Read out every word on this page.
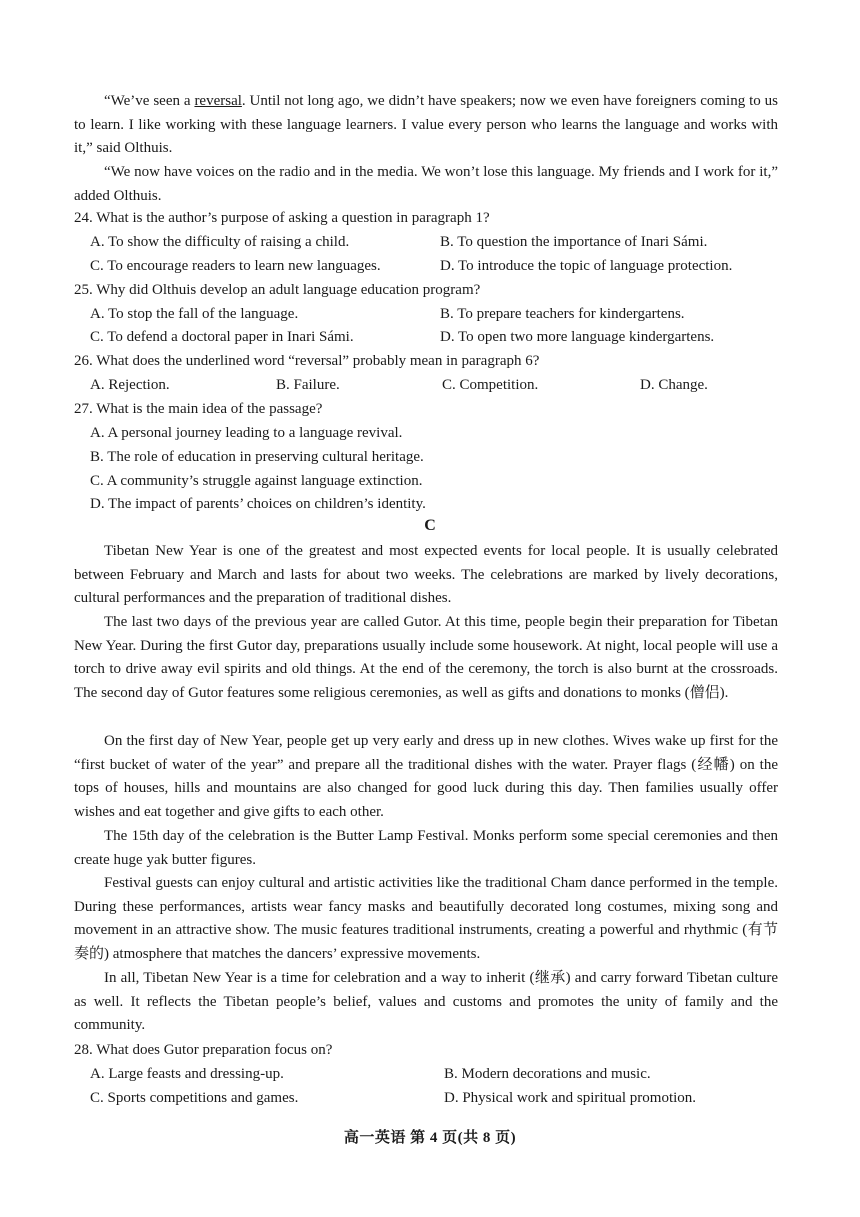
“We’ve seen a reversal. Until not long ago, we didn’t have speakers; now we even have foreigners coming to us to learn. I like working with these language learners. I value every person who learns the language and works with it,” said Olthuis.

“We now have voices on the radio and in the media. We won’t lose this language. My friends and I work for it,” added Olthuis.

24. What is the author’s purpose of asking a question in paragraph 1?

A. To show the difficulty of raising a child.	B. To question the importance of Inari Sámi.

C. To encourage readers to learn new languages.	D. To introduce the topic of language protection.

25. Why did Olthuis develop an adult language education program?

A. To stop the fall of the language.	B. To prepare teachers for kindergartens.

C. To defend a doctoral paper in Inari Sámi.	D. To open two more language kindergartens.

26. What does the underlined word “reversal” probably mean in paragraph 6?

A. Rejection.	B. Failure.	C. Competition.	D. Change.

27. What is the main idea of the passage?

A. A personal journey leading to a language revival.

B. The role of education in preserving cultural heritage.

C. A community’s struggle against language extinction.

D. The impact of parents’ choices on children’s identity.

C

Tibetan New Year is one of the greatest and most expected events for local people. It is usually celebrated between February and March and lasts for about two weeks. The celebrations are marked by lively decorations, cultural performances and the preparation of traditional dishes.

The last two days of the previous year are called Gutor. At this time, people begin their preparation for Tibetan New Year. During the first Gutor day, preparations usually include some housework. At night, local people will use a torch to drive away evil spirits and old things. At the end of the ceremony, the torch is also burnt at the crossroads. The second day of Gutor features some religious ceremonies, as well as gifts and donations to monks (僧侣).

On the first day of New Year, people get up very early and dress up in new clothes. Wives wake up first for the “first bucket of water of the year” and prepare all the traditional dishes with the water. Prayer flags (经幡) on the tops of houses, hills and mountains are also changed for good luck during this day. Then families usually offer wishes and eat together and give gifts to each other.

The 15th day of the celebration is the Butter Lamp Festival. Monks perform some special ceremonies and then create huge yak butter figures.

Festival guests can enjoy cultural and artistic activities like the traditional Cham dance performed in the temple. During these performances, artists wear fancy masks and beautifully decorated long costumes, mixing song and movement in an attractive show. The music features traditional instruments, creating a powerful and rhythmic (有节奏的) atmosphere that matches the dancers’ expressive movements.

In all, Tibetan New Year is a time for celebration and a way to inherit (继承) and carry forward Tibetan culture as well. It reflects the Tibetan people’s belief, values and customs and promotes the unity of family and the community.

28. What does Gutor preparation focus on?

A. Large feasts and dressing-up.	B. Modern decorations and music.

C. Sports competitions and games.	D. Physical work and spiritual promotion.

高一英语 第 4 页(共 8 页)
